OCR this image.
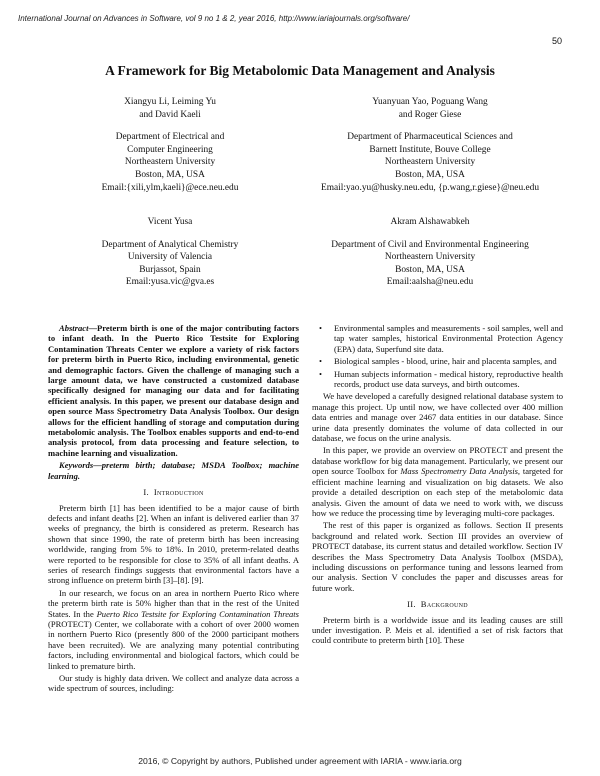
International Journal on Advances in Software, vol 9 no 1 & 2, year 2016, http://www.iariajournals.org/software/
50
A Framework for Big Metabolomic Data Management and Analysis
Xiangyu Li, Leiming Yu
and David Kaeli
Department of Electrical and
Computer Engineering
Northeastern University
Boston, MA, USA
Email:{xili,ylm,kaeli}@ece.neu.edu
Yuanyuan Yao, Poguang Wang
and Roger Giese
Department of Pharmaceutical Sciences and
Barnett Institute, Bouve College
Northeastern University
Boston, MA, USA
Email:yao.yu@husky.neu.edu, {p.wang,r.giese}@neu.edu
Vicent Yusa
Department of Analytical Chemistry
University of Valencia
Burjassot, Spain
Email:yusa.vic@gva.es
Akram Alshawabkeh
Department of Civil and Environmental Engineering
Northeastern University
Boston, MA, USA
Email:aalsha@neu.edu

Abstract—Preterm birth is one of the major contributing factors to infant death. In the Puerto Rico Testsite for Exploring Contamination Threats Center we explore a variety of risk factors for preterm birth in Puerto Rico, including environmental, genetic and demographic factors. Given the challenge of managing such a large amount data, we have constructed a customized database specifically designed for managing our data and for facilitating efficient analysis. In this paper, we present our database design and open source Mass Spectrometry Data Analysis Toolbox. Our design allows for the efficient handling of storage and computation during metabolomic analysis. The Toolbox enables supports and end-to-end analysis protocol, from data processing and feature selection, to machine learning and visualization.

Keywords—preterm birth; database; MSDA Toolbox; machine learning.

I. Introduction

Preterm birth [1] has been identified to be a major cause of birth defects and infant deaths [2]. When an infant is delivered earlier than 37 weeks of pregnancy, the birth is considered as preterm. Research has shown that since 1990, the rate of preterm birth has been increasing worldwide, ranging from 5% to 18%. In 2010, preterm-related deaths were reported to be responsible for close to 35% of all infant deaths. A series of research findings suggests that environmental factors have a strong influence on preterm birth [3]–[8]. [9].

In our research, we focus on an area in northern Puerto Rico where the preterm birth rate is 50% higher than that in the rest of the United States. In the Puerto Rico Testsite for Exploring Contamination Threats (PROTECT) Center, we collaborate with a cohort of over 2000 women in northern Puerto Rico (presently 800 of the 2000 participant mothers have been recruited). We are analyzing many potential contributing factors, including environmental and biological factors, which could be linked to premature birth.

Our study is highly data driven. We collect and analyze data across a wide spectrum of sources, including:

• Environmental samples and measurements - soil samples, well and tap water samples, historical Environmental Protection Agency (EPA) data, Superfund site data.
• Biological samples - blood, urine, hair and placenta samples, and
• Human subjects information - medical history, reproductive health records, product use data surveys, and birth outcomes.

We have developed a carefully designed relational database system to manage this project. Up until now, we have collected over 400 million data entries and manage over 2467 data entities in our database. Since urine data presently dominates the volume of data collected in our database, we focus on the urine analysis.

In this paper, we provide an overview on PROTECT and present the database workflow for big data management. Particularly, we present our open source Toolbox for Mass Spectrometry Data Analysis, targeted for efficient machine learning and visualization on big datasets. We also provide a detailed description on each step of the metabolomic data analysis. Given the amount of data we need to work with, we discuss how we reduce the processing time by leveraging multi-core packages.

The rest of this paper is organized as follows. Section II presents background and related work. Section III provides an overview of PROTECT database, its current status and detailed workflow. Section IV describes the Mass Spectrometry Data Analysis Toolbox (MSDA), including discussions on performance tuning and lessons learned from our analysis. Section V concludes the paper and discusses areas for future work.

II. Background

Preterm birth is a worldwide issue and its leading causes are still under investigation. P. Meis et al. identified a set of risk factors that could contribute to preterm birth [10]. These

2016, © Copyright by authors, Published under agreement with IARIA - www.iaria.org
